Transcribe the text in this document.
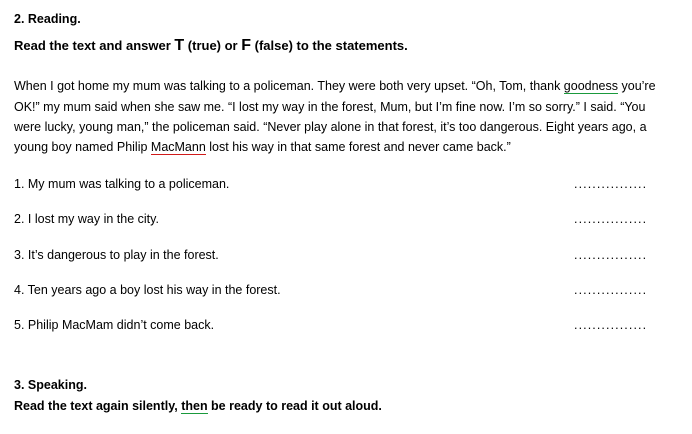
2. Reading.
Read the text and answer T (true) or F (false) to the statements.
When I got home my mum was talking to a policeman. They were both very upset. “Oh, Tom, thank goodness you’re OK!” my mum said when she saw me. “I lost my way in the forest, Mum, but I’m fine now. I’m so sorry.” I said. “You were lucky, young man,” the policeman said. “Never play alone in that forest, it’s too dangerous. Eight years ago, a young boy named Philip MacMann lost his way in that same forest and never came back.”
1. My mum was talking to a policeman.	................
2. I lost my way in the city.	................
3. It’s dangerous to play in the forest.	................
4. Ten years ago a boy lost his way in the forest.	................
5. Philip MacMam didn’t come back.	................
3. Speaking.
Read the text again silently, then be ready to read it out aloud.
